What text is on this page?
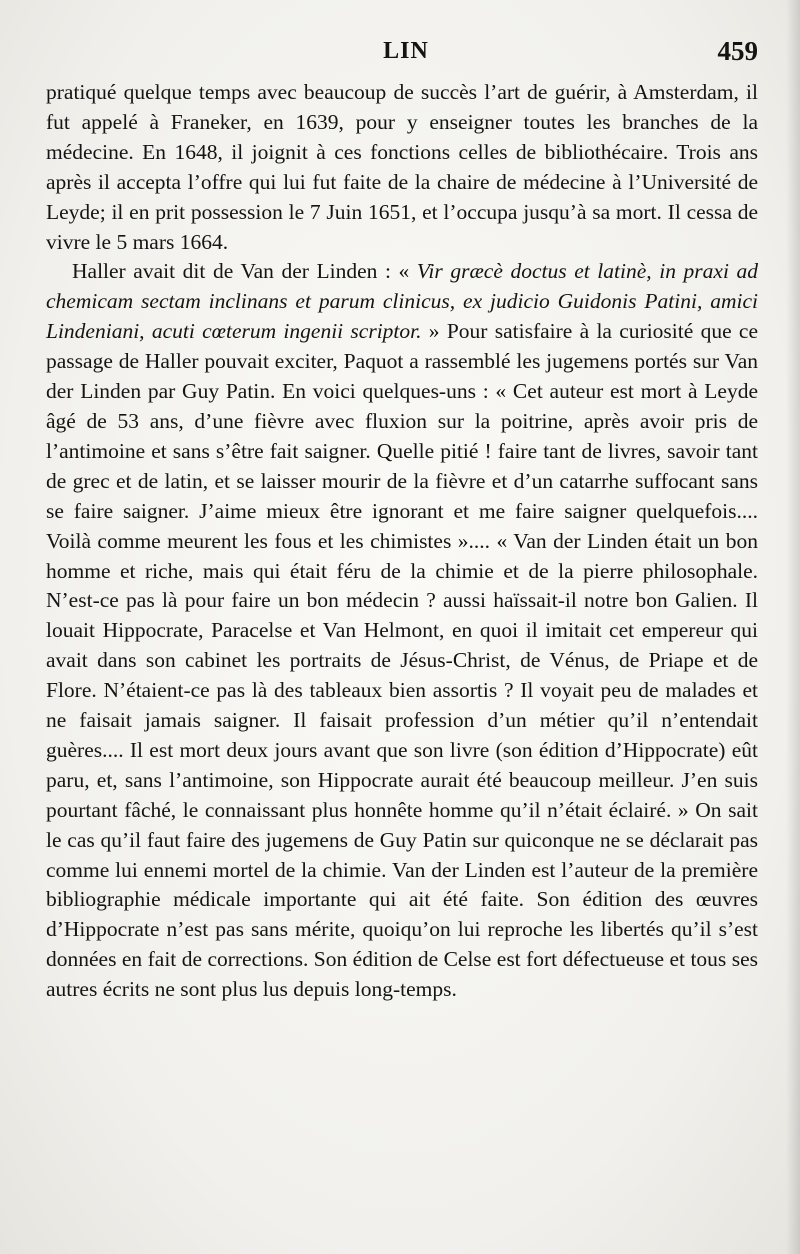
LIN	459

pratiqué quelque temps avec beaucoup de succès l’art de guérir, à Amsterdam, il fut appelé à Franeker, en 1639, pour y enseigner toutes les branches de la médecine. En 1648, il joignit à ces fonctions celles de bibliothécaire. Trois ans après il accepta l’offre qui lui fut faite de la chaire de médecine à l’Université de Leyde; il en prit possession le 7 Juin 1651, et l’occupa jusqu’à sa mort. Il cessa de vivre le 5 mars 1664.

Haller avait dit de Van der Linden : « Vir græcè doctus et latinè, in praxi ad chemicam sectam inclinans et parum clinicus, ex judicio Guidonis Patini, amici Lindeniani, acuti cœterum ingenii scriptor. » Pour satisfaire à la curiosité que ce passage de Haller pouvait exciter, Paquot a rassemblé les jugemens portés sur Van der Linden par Guy Patin. En voici quelques-uns : « Cet auteur est mort à Leyde âgé de 53 ans, d’une fièvre avec fluxion sur la poitrine, après avoir pris de l’antimoine et sans s’être fait saigner. Quelle pitié ! faire tant de livres, savoir tant de grec et de latin, et se laisser mourir de la fièvre et d’un catarrhe suffocant sans se faire saigner. J’aime mieux être ignorant et me faire saigner quelquefois.... Voilà comme meurent les fous et les chimistes ».... « Van der Linden était un bon homme et riche, mais qui était féru de la chimie et de la pierre philosophale. N’est-ce pas là pour faire un bon médecin ? aussi haïssait-il notre bon Galien. Il louait Hippocrate, Paracelse et Van Helmont, en quoi il imitait cet empereur qui avait dans son cabinet les portraits de Jésus-Christ, de Vénus, de Priape et de Flore. N’étaient-ce pas là des tableaux bien assortis ? Il voyait peu de malades et ne faisait jamais saigner. Il faisait profession d’un métier qu’il n’entendait guères.... Il est mort deux jours avant que son livre (son édition d’Hippocrate) eût paru, et, sans l’antimoine, son Hippocrate aurait été beaucoup meilleur. J’en suis pourtant fâché, le connaissant plus honnête homme qu’il n’était éclairé. » On sait le cas qu’il faut faire des jugemens de Guy Patin sur quiconque ne se déclarait pas comme lui ennemi mortel de la chimie. Van der Linden est l’auteur de la première bibliographie médicale importante qui ait été faite. Son édition des œuvres d’Hippocrate n’est pas sans mérite, quoiqu’on lui reproche les libertés qu’il s’est données en fait de corrections. Son édition de Celse est fort défectueuse et tous ses autres écrits ne sont plus lus depuis long-temps.
